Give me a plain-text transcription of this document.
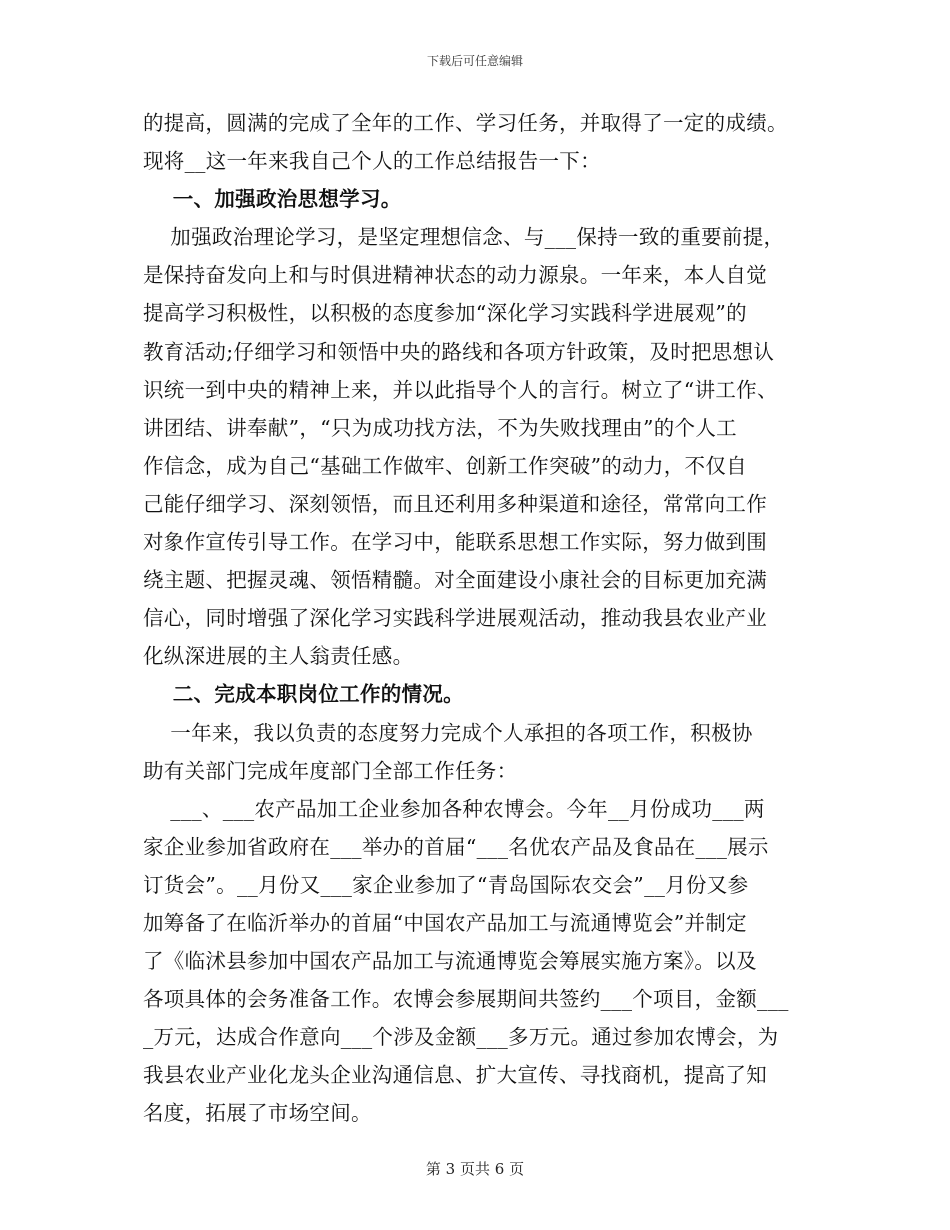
下载后可任意编辑
的提高，圆满的完成了全年的工作、学习任务，并取得了一定的成绩。
现将__这一年来我自己个人的工作总结报告一下：
一、加强政治思想学习。
加强政治理论学习，是坚定理想信念、与___保持一致的重要前提，
是保持奋发向上和与时俱进精神状态的动力源泉。一年来，本人自觉
提高学习积极性，以积极的态度参加“深化学习实践科学进展观”的
教育活动;仔细学习和领悟中央的路线和各项方针政策，及时把思想认
识统一到中央的精神上来，并以此指导个人的言行。树立了“讲工作、
讲团结、讲奉献”，“只为成功找方法，不为失败找理由”的个人工
作信念，成为自己“基础工作做牢、创新工作突破”的动力，不仅自
己能仔细学习、深刻领悟，而且还利用多种渠道和途径，常常向工作
对象作宣传引导工作。在学习中，能联系思想工作实际，努力做到围
绕主题、把握灵魂、领悟精髓。对全面建设小康社会的目标更加充满
信心，同时增强了深化学习实践科学进展观活动，推动我县农业产业
化纵深进展的主人翁责任感。
二、完成本职岗位工作的情况。
一年来，我以负责的态度努力完成个人承担的各项工作，积极协
助有关部门完成年度部门全部工作任务：
___、___农产品加工企业参加各种农博会。今年__月份成功___两
家企业参加省政府在___举办的首届“___名优农产品及食品在___展示
订货会”。__月份又___家企业参加了“青岛国际农交会”__月份又参
加筹备了在临沂举办的首届“中国农产品加工与流通博览会”并制定
了《临沭县参加中国农产品加工与流通博览会筹展实施方案》。以及
各项具体的会务准备工作。农博会参展期间共签约___个项目，金额___
_万元，达成合作意向___个涉及金额___多万元。通过参加农博会，为
我县农业产业化龙头企业沟通信息、扩大宣传、寻找商机，提高了知
名度，拓展了市场空间。
第 3 页共 6 页
